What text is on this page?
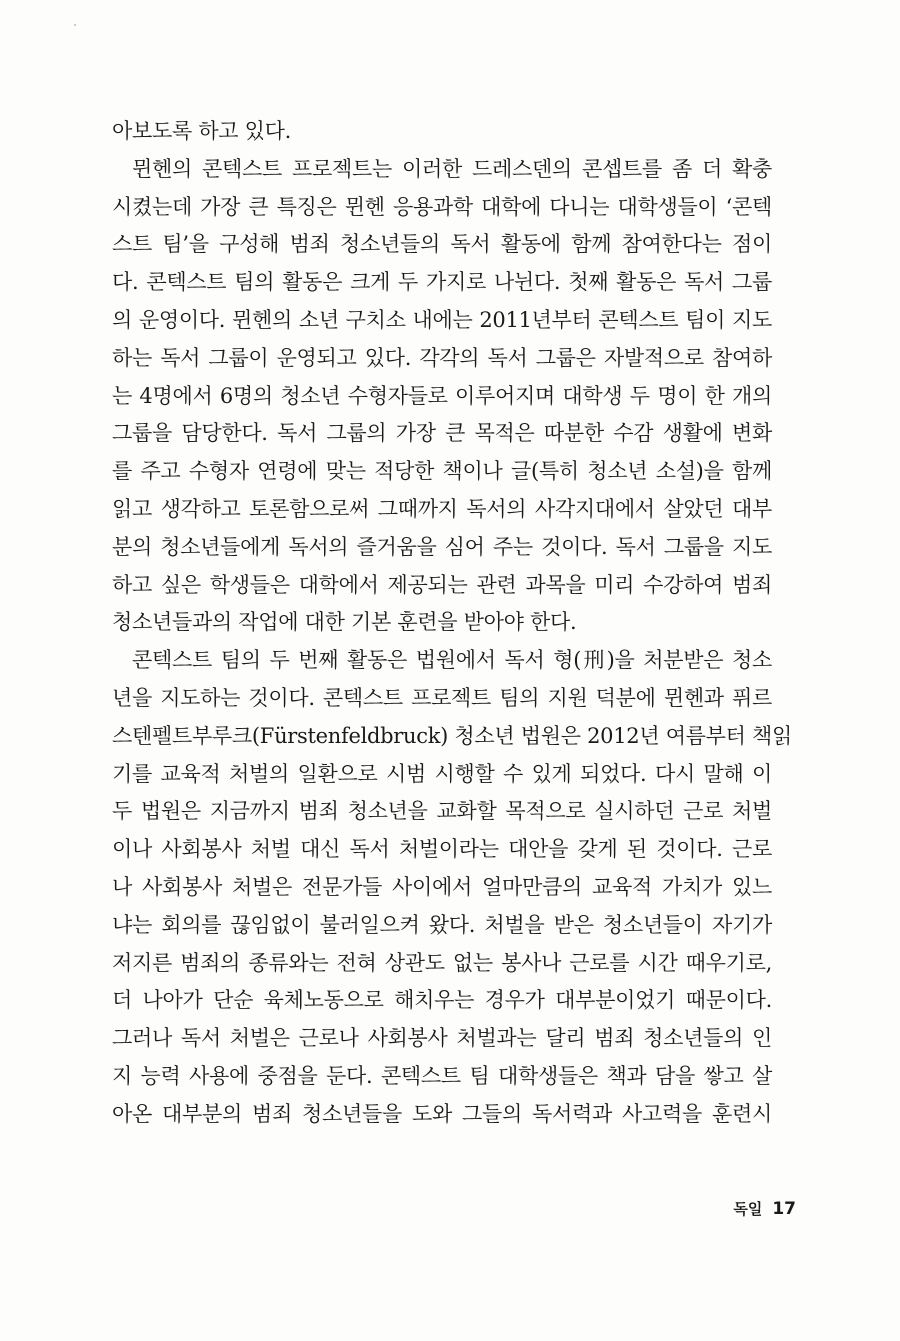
아보도록 하고 있다.
뮌헨의 콘텍스트 프로젝트는 이러한 드레스덴의 콘셉트를 좀 더 확충
시켰는데 가장 큰 특징은 뮌헨 응용과학 대학에 다니는 대학생들이 ‘콘텍
스트 팀’을 구성해 범죄 청소년들의 독서 활동에 함께 참여한다는 점이
다. 콘텍스트 팀의 활동은 크게 두 가지로 나뉜다. 첫째 활동은 독서 그룹
의 운영이다. 뮌헨의 소년 구치소 내에는 2011년부터 콘텍스트 팀이 지도
하는 독서 그룹이 운영되고 있다. 각각의 독서 그룹은 자발적으로 참여하
는 4명에서 6명의 청소년 수형자들로 이루어지며 대학생 두 명이 한 개의
그룹을 담당한다. 독서 그룹의 가장 큰 목적은 따분한 수감 생활에 변화
를 주고 수형자 연령에 맞는 적당한 책이나 글(특히 청소년 소설)을 함께
읽고 생각하고 토론함으로써 그때까지 독서의 사각지대에서 살았던 대부
분의 청소년들에게 독서의 즐거움을 심어 주는 것이다. 독서 그룹을 지도
하고 싶은 학생들은 대학에서 제공되는 관련 과목을 미리 수강하여 범죄
청소년들과의 작업에 대한 기본 훈련을 받아야 한다.
콘텍스트 팀의 두 번째 활동은 법원에서 독서 형(刑)을 처분받은 청소
년을 지도하는 것이다. 콘텍스트 프로젝트 팀의 지원 덕분에 뮌헨과 퓌르
스텐펠트부루크(Fürstenfeldbruck) 청소년 법원은 2012년 여름부터 책읽
기를 교육적 처벌의 일환으로 시범 시행할 수 있게 되었다. 다시 말해 이
두 법원은 지금까지 범죄 청소년을 교화할 목적으로 실시하던 근로 처벌
이나 사회봉사 처벌 대신 독서 처벌이라는 대안을 갖게 된 것이다. 근로
나 사회봉사 처벌은 전문가들 사이에서 얼마만큼의 교육적 가치가 있느
냐는 회의를 끊임없이 불러일으켜 왔다. 처벌을 받은 청소년들이 자기가
저지른 범죄의 종류와는 전혀 상관도 없는 봉사나 근로를 시간 때우기로,
더 나아가 단순 육체노동으로 해치우는 경우가 대부분이었기 때문이다.
그러나 독서 처벌은 근로나 사회봉사 처벌과는 달리 범죄 청소년들의 인
지 능력 사용에 중점을 둔다. 콘텍스트 팀 대학생들은 책과 담을 쌓고 살
아온 대부분의 범죄 청소년들을 도와 그들의 독서력과 사고력을 훈련시
독일 17
